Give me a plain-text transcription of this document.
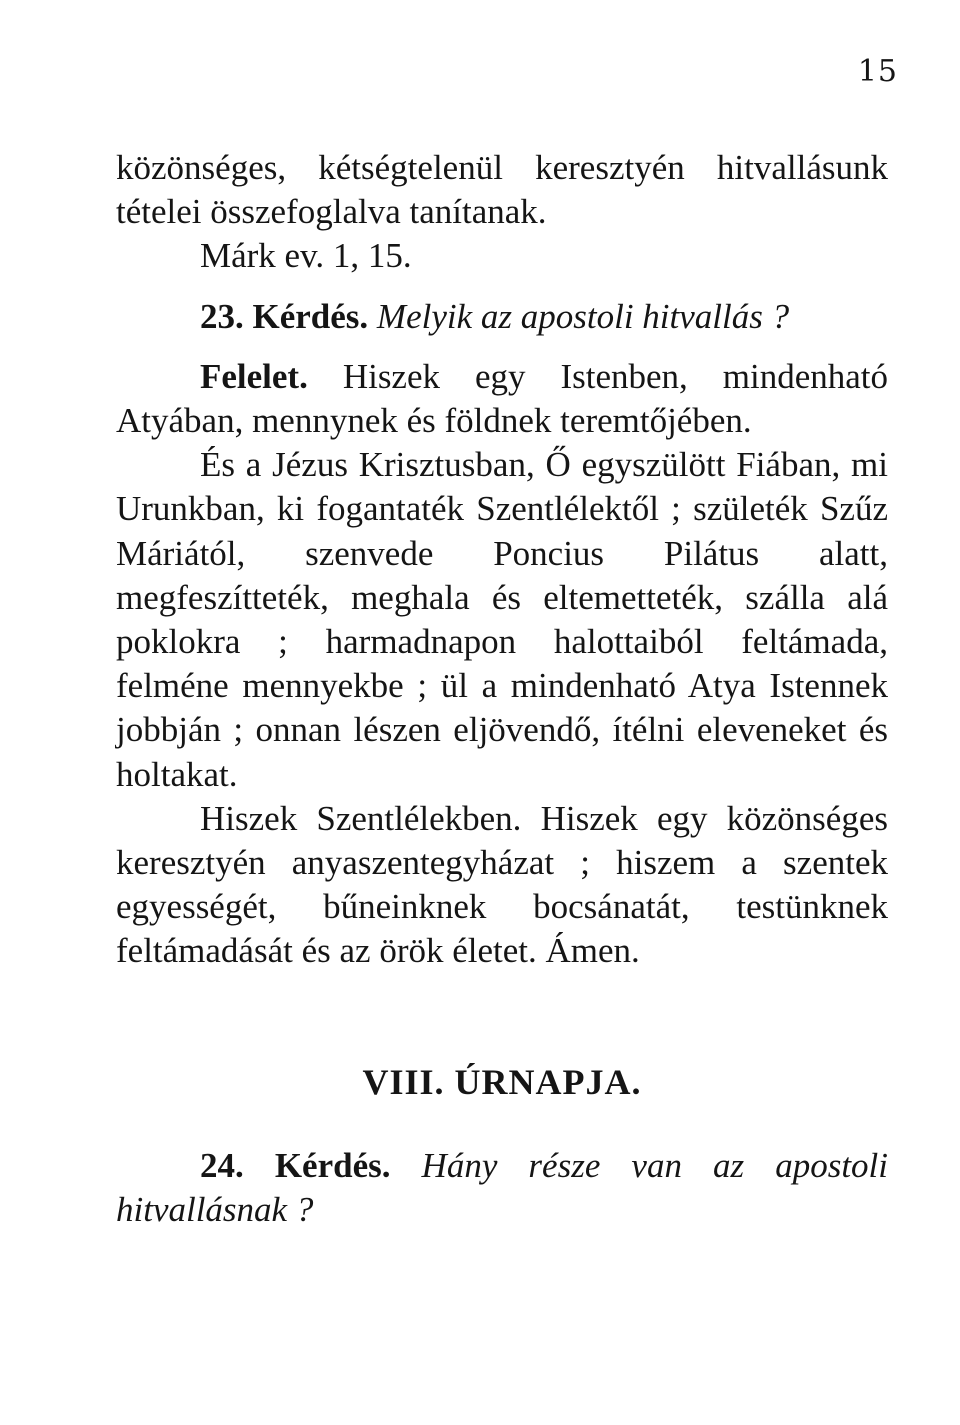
15

közönséges, kétségtelenül keresztyén hitvallásunk tételei összefoglalva tanítanak.

Márk ev. 1, 15.

23. Kérdés. Melyik az apostoli hitvallás ?

Felelet. Hiszek egy Istenben, mindenható Atyában, mennynek és földnek teremtőjében.

És a Jézus Krisztusban, Ő egyszülött Fiában, mi Urunkban, ki fogantaték Szentlélektől ; születék Szűz Máriától, szenvede Poncius Pilátus alatt, megfeszítteték, meghala és eltemetteték, szálla alá poklokra ; harmadnapon halottaiból feltámada, felméne mennyekbe ; ül a mindenható Atya Istennek jobbján ; onnan lészen eljövendő, ítélni eleveneket és holtakat.

Hiszek Szentlélekben. Hiszek egy közönséges keresztyén anyaszentegyházat ; hiszem a szentek egyességét, bűneinknek bocsánatát, testünknek feltámadását és az örök életet. Ámen.

VIII. ÚRNAPJA.

24. Kérdés. Hány része van az apostoli hitvallásnak ?
